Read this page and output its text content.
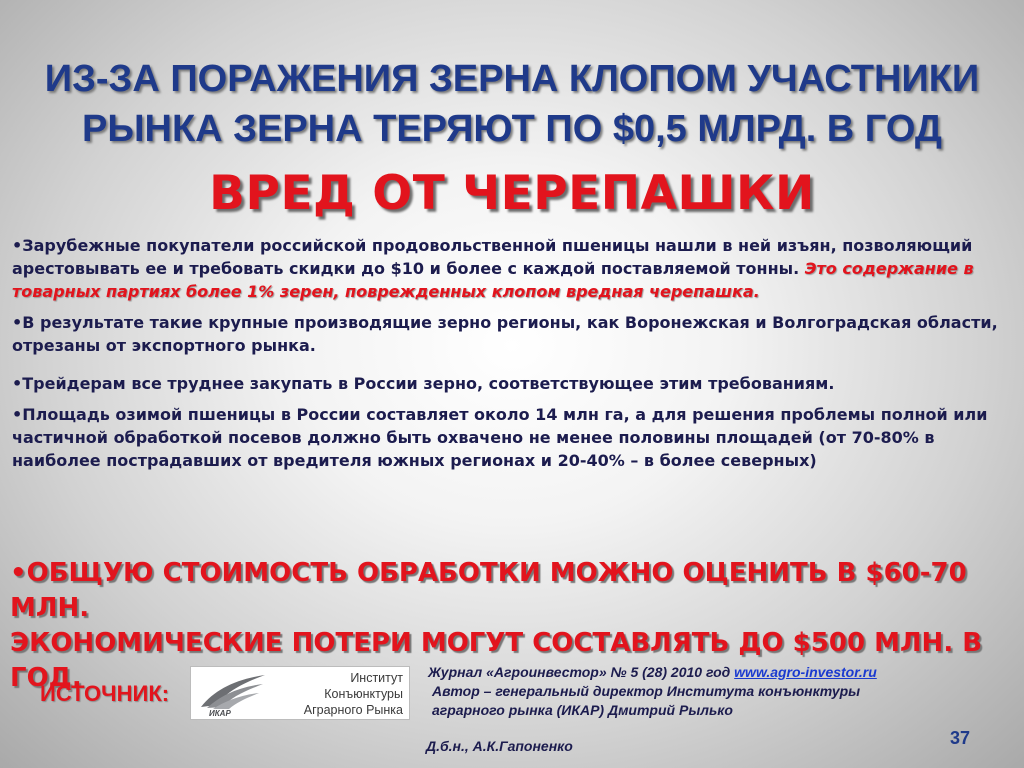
ИЗ-ЗА ПОРАЖЕНИЯ ЗЕРНА КЛОПОМ УЧАСТНИКИ
РЫНКА ЗЕРНА ТЕРЯЮТ ПО $0,5 МЛРД. В ГОД
ВРЕД ОТ ЧЕРЕПАШКИ

•Зарубежные покупатели российской продовольственной пшеницы нашли в ней изъян, позволяющий арестовывать ее и требовать скидки до $10 и более с каждой поставляемой тонны. Это содержание в товарных партиях более 1% зерен, поврежденных клопом вредная черепашка.

•В результате такие крупные производящие зерно регионы, как Воронежская и Волгоградская области, отрезаны от экспортного рынка.

•Трейдерам все труднее закупать в России зерно, соответствующее этим требованиям.

•Площадь озимой пшеницы в России составляет около 14 млн га, а для решения проблемы полной или частичной обработкой посевов должно быть охвачено не менее половины площадей (от 70-80% в наиболее пострадавших от вредителя южных регионах и 20-40% – в более северных)

•ОБЩУЮ СТОИМОСТЬ ОБРАБОТКИ МОЖНО ОЦЕНИТЬ В $60-70 МЛН.
ЭКОНОМИЧЕСКИЕ ПОТЕРИ МОГУТ СОСТАВЛЯТЬ ДО $500 МЛН. В ГОД.

ИСТОЧНИК:
ИКАР
Институт
Конъюнктуры
Аграрного Рынка
Журнал «Агроинвестор» № 5 (28) 2010 год www.agro-investor.ru
Автор – генеральный директор Института конъюнктуры
аграрного рынка (ИКАР) Дмитрий Рылько
Д.б.н., А.К.Гапоненко	37
